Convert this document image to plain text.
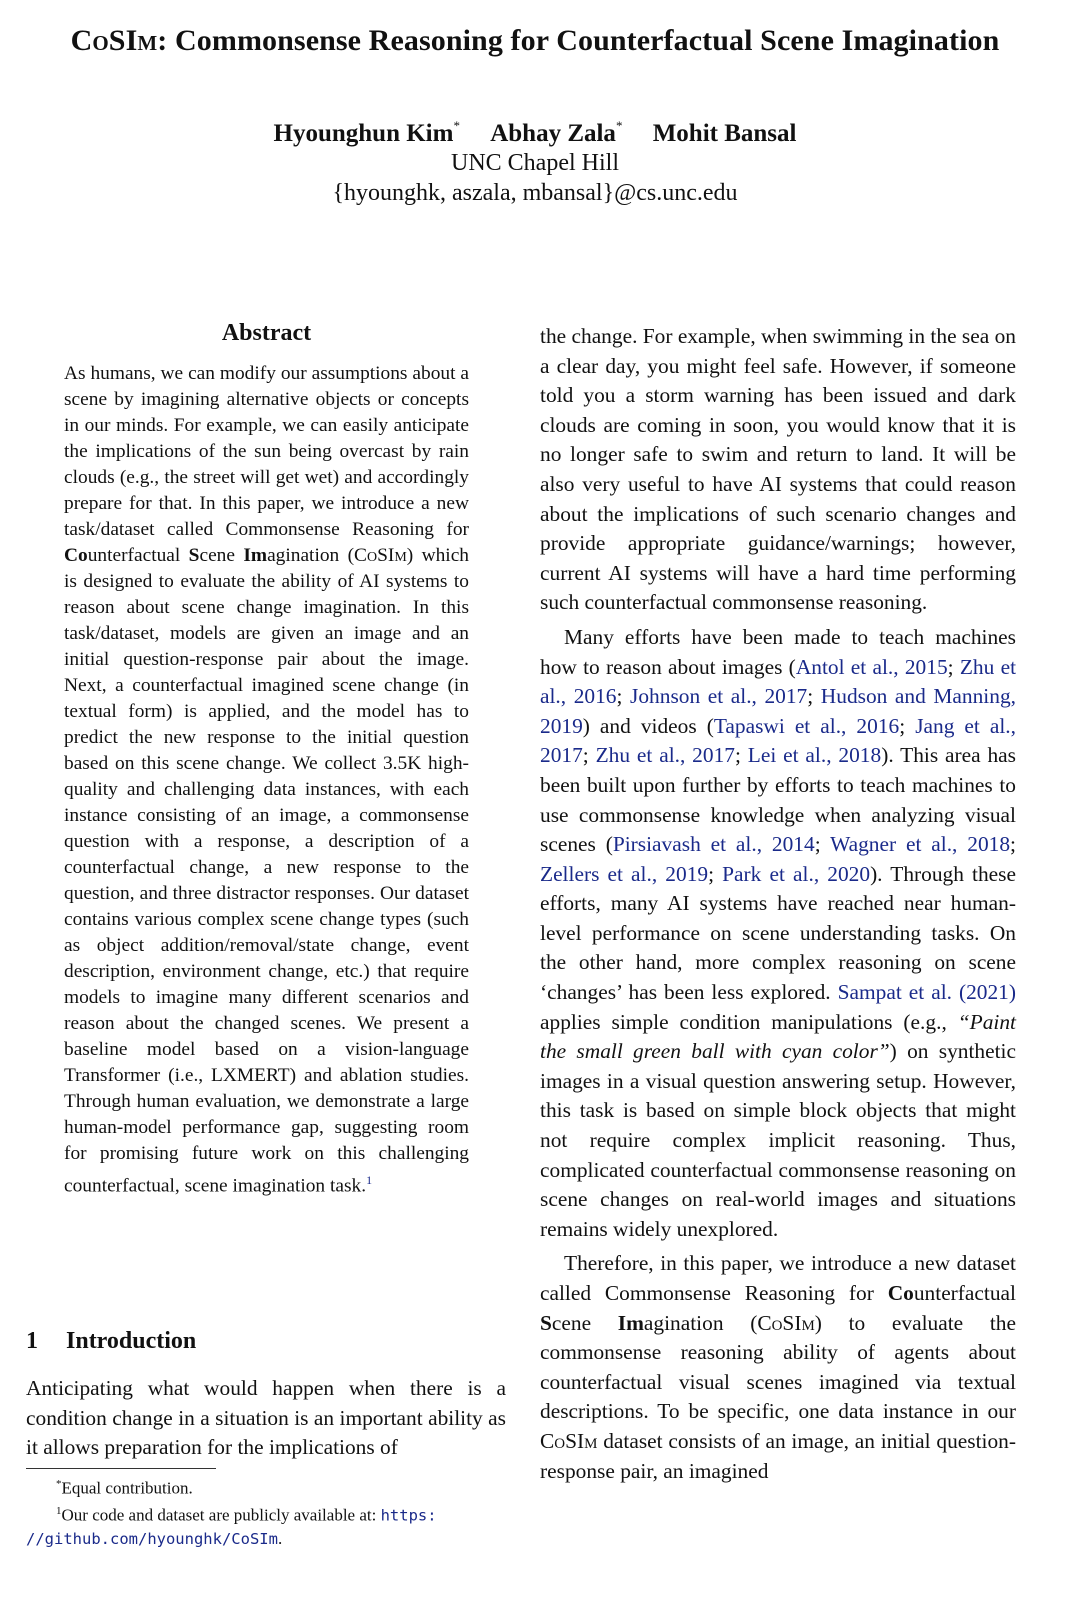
CoSIm: Commonsense Reasoning for Counterfactual Scene Imagination
Hyounghun Kim* Abhay Zala* Mohit Bansal
UNC Chapel Hill
{hyounghk, aszala, mbansal}@cs.unc.edu
Abstract
As humans, we can modify our assumptions about a scene by imagining alternative objects or concepts in our minds. For example, we can easily anticipate the implications of the sun being overcast by rain clouds (e.g., the street will get wet) and accordingly prepare for that. In this paper, we introduce a new task/dataset called Commonsense Reasoning for Counterfactual Scene Imagination (CoSIm) which is designed to evaluate the ability of AI systems to reason about scene change imagination. In this task/dataset, models are given an image and an initial question-response pair about the image. Next, a counterfactual imagined scene change (in textual form) is applied, and the model has to predict the new response to the initial question based on this scene change. We collect 3.5K high-quality and challenging data instances, with each instance consisting of an image, a commonsense question with a response, a description of a counterfactual change, a new response to the question, and three distractor responses. Our dataset contains various complex scene change types (such as object addition/removal/state change, event description, environment change, etc.) that require models to imagine many different scenarios and reason about the changed scenes. We present a baseline model based on a vision-language Transformer (i.e., LXMERT) and ablation studies. Through human evaluation, we demonstrate a large human-model performance gap, suggesting room for promising future work on this challenging counterfactual, scene imagination task.$^1$
1 Introduction
Anticipating what would happen when there is a condition change in a situation is an important ability as it allows preparation for the implications of
*Equal contribution.
$^1$Our code and dataset are publicly available at: https:
//github.com/hyounghk/CoSIm.

the change. For example, when swimming in the sea on a clear day, you might feel safe. However, if someone told you a storm warning has been issued and dark clouds are coming in soon, you would know that it is no longer safe to swim and return to land. It will be also very useful to have AI systems that could reason about the implications of such scenario changes and provide appropriate guidance/warnings; however, current AI systems will have a hard time performing such counterfactual commonsense reasoning.

Many efforts have been made to teach machines how to reason about images (Antol et al., 2015; Zhu et al., 2016; Johnson et al., 2017; Hudson and Manning, 2019) and videos (Tapaswi et al., 2016; Jang et al., 2017; Zhu et al., 2017; Lei et al., 2018). This area has been built upon further by efforts to teach machines to use commonsense knowledge when analyzing visual scenes (Pirsiavash et al., 2014; Wagner et al., 2018; Zellers et al., 2019; Park et al., 2020). Through these efforts, many AI systems have reached near human-level performance on scene understanding tasks. On the other hand, more complex reasoning on scene ‘changes’ has been less explored. Sampat et al. (2021) applies simple condition manipulations (e.g., “Paint the small green ball with cyan color”) on synthetic images in a visual question answering setup. However, this task is based on simple block objects that might not require complex implicit reasoning. Thus, complicated counterfactual commonsense reasoning on scene changes on real-world images and situations remains widely unexplored.

Therefore, in this paper, we introduce a new dataset called Commonsense Reasoning for Counterfactual Scene Imagination (CoSIm) to evaluate the commonsense reasoning ability of agents about counterfactual visual scenes imagined via textual descriptions. To be specific, one data instance in our CoSIm dataset consists of an image, an initial question-response pair, an imagined
